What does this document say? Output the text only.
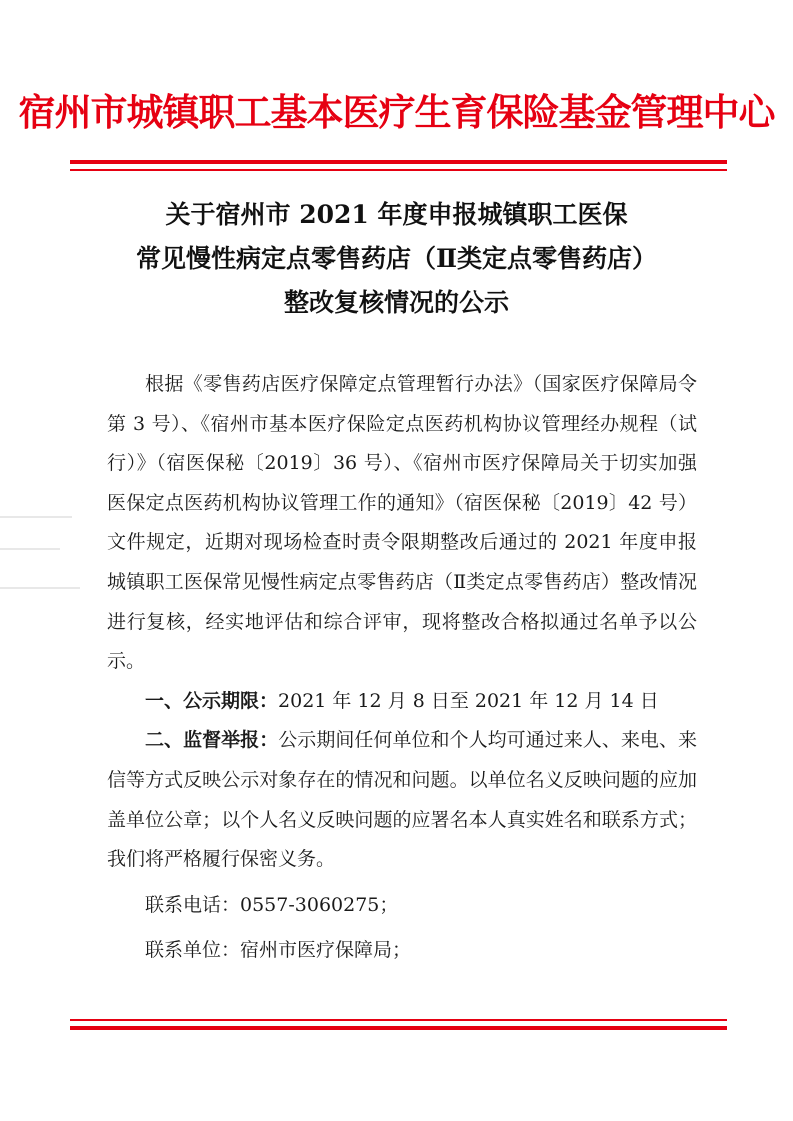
宿州市城镇职工基本医疗生育保险基金管理中心
关于宿州市 2021 年度申报城镇职工医保
常见慢性病定点零售药店（Ⅱ类定点零售药店）
整改复核情况的公示

根据《零售药店医疗保障定点管理暂行办法》（国家医疗保障局令第 3 号）、《宿州市基本医疗保险定点医药机构协议管理经办规程（试行）》（宿医保秘〔2019〕36 号）、《宿州市医疗保障局关于切实加强医保定点医药机构协议管理工作的通知》（宿医保秘〔2019〕42 号）文件规定，近期对现场检查时责令限期整改后通过的 2021 年度申报城镇职工医保常见慢性病定点零售药店（Ⅱ类定点零售药店）整改情况进行复核，经实地评估和综合评审，现将整改合格拟通过名单予以公示。

一、公示期限：2021 年 12 月 8 日至 2021 年 12 月 14 日

二、监督举报：公示期间任何单位和个人均可通过来人、来电、来信等方式反映公示对象存在的情况和问题。以单位名义反映问题的应加盖单位公章；以个人名义反映问题的应署名本人真实姓名和联系方式；我们将严格履行保密义务。

联系电话：0557-3060275；

联系单位：宿州市医疗保障局；
